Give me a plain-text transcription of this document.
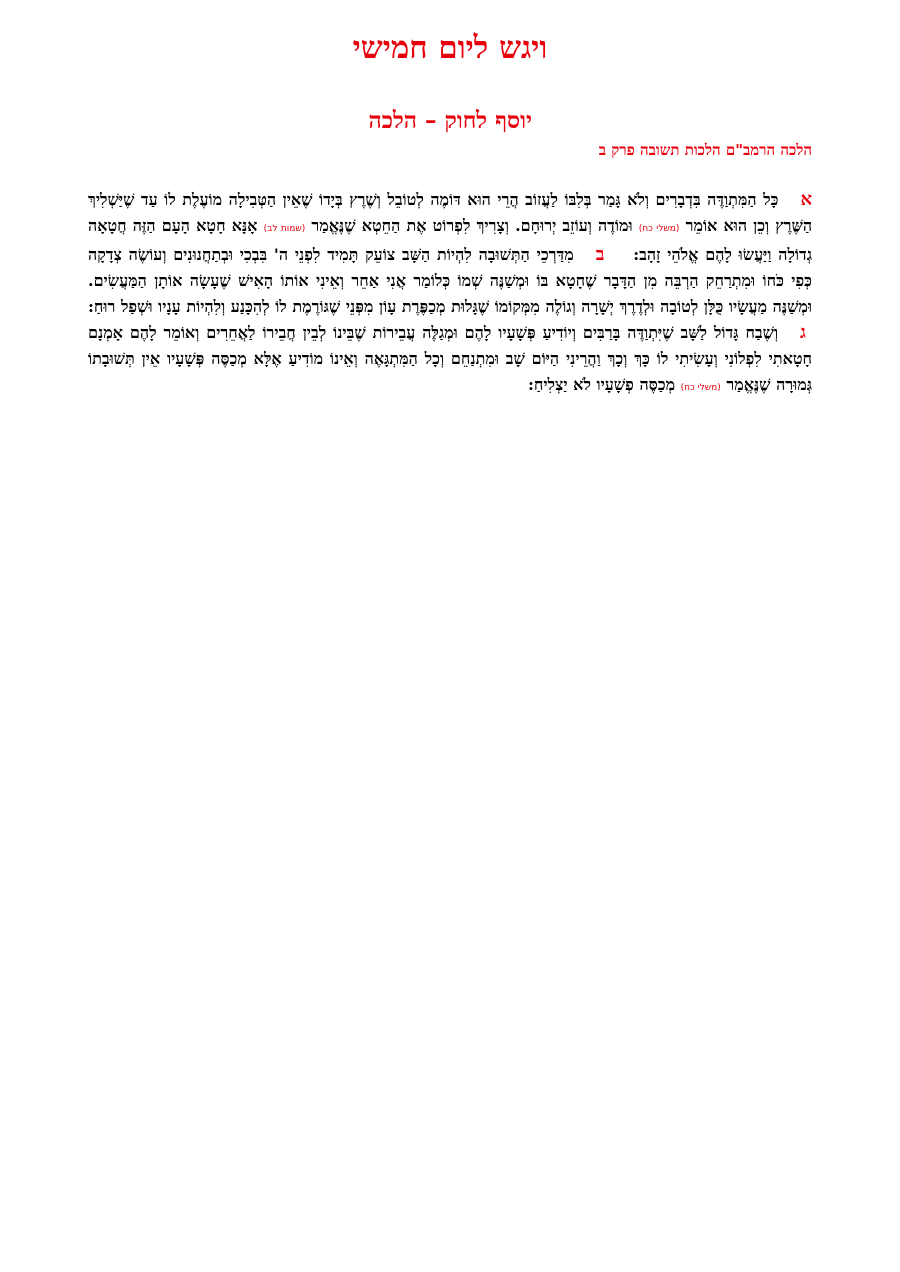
ויגש ליום חמישי
יוסף לחוק – הלכה
הלכה הרמב"ם הלכות תשובה פרק ב

אכָּל הַמִּתְוַדֶּה בִּדְבָרִים וְלֹא גָּמַר בְּלִבּוֹ לַעֲזוֹב הֲרֵי הוּא דּוֹמֶה לְטוֹבֵל וְשֶׁרֶץ בְּיָדוֹ שֶׁאֵין הַטְּבִילָה מוֹעֶלֶת לוֹ עַד שֶׁיַּשְׁלִיךְ הַשֶּׁרֶץ וְכֵן הוּא אוֹמֵר (משלי כח) וּמוֹדֶה וְעוֹזֵב יְרוּחָם. וְצָרִיךְ לִפְרוֹט אֶת הַחֵטְא שֶׁנֶּאֱמַר (שמות לב) אָנָּא חָטָא הָעָם הַזֶּה חֲטָאָה גְדוֹלָה וַיַּעֲשׂוּ לָהֶם אֱלֹהֵי זָהָב: במִדַּרְכֵי הַתְּשׁוּבָה לִהְיוֹת הַשָּׁב צוֹעֵק תָּמִיד לִפְנֵי ה' בִּבְכִי וּבְתַחֲנוּנִים וְעוֹשֶׂה צְדָקָה כְּפִי כֹּחוֹ וּמִתְרַחֵק הַרְבֵּה מִן הַדָּבָר שֶׁחָטָא בּוֹ וּמְשַׁנֶּה שְׁמוֹ כְּלוֹמַר אֲנִי אַחֵר וְאֵינִי אוֹתוֹ הָאִישׁ שֶׁעָשָׂה אוֹתָן הַמַּעֲשִׂים. וּמְשַׁנֶּה מַעֲשָׂיו כֻּלָּן לְטוֹבָה וּלְדֶרֶךְ יְשָׁרָה וְגוֹלֶה מִמְּקוֹמוֹ שֶׁגָּלוּת מְכַפֶּרֶת עָוֹן מִפְּנֵי שֶׁגּוֹרֶמֶת לוֹ לְהִכָּנַע וְלִהְיוֹת עָנָיו וּשְׁפַל רוּחַ: גוְשֶׁבַח גָּדוֹל לַשָּׁב שֶׁיִּתְוַדֶּה בָּרַבִּים וְיוֹדִיעַ פְּשָׁעָיו לָהֶם וּמְגַלֶּה עֲבֵירוֹת שֶׁבֵּינוֹ לְבֵין חֲבֵירוֹ לַאֲחֵרִים וְאוֹמֵר לָהֶם אָמְנָם חָטָאתִי לִפְלוֹנִי וְעָשִׂיתִי לוֹ כָּךְ וְכָךְ וַהֲרֵינִי הַיּוֹם שָׁב וּמִתְנַחֵם וְכָל הַמִּתְגָּאֶה וְאֵינוֹ מוֹדִיעַ אֶלָּא מְכַסֶּה פְּשָׁעָיו אֵין תְּשׁוּבָתוֹ גְּמוּרָה שֶׁנֶּאֱמַר (משלי כח) מְכַסֶּה פְשָׁעָיו לֹא יַצְלִיחַ:
